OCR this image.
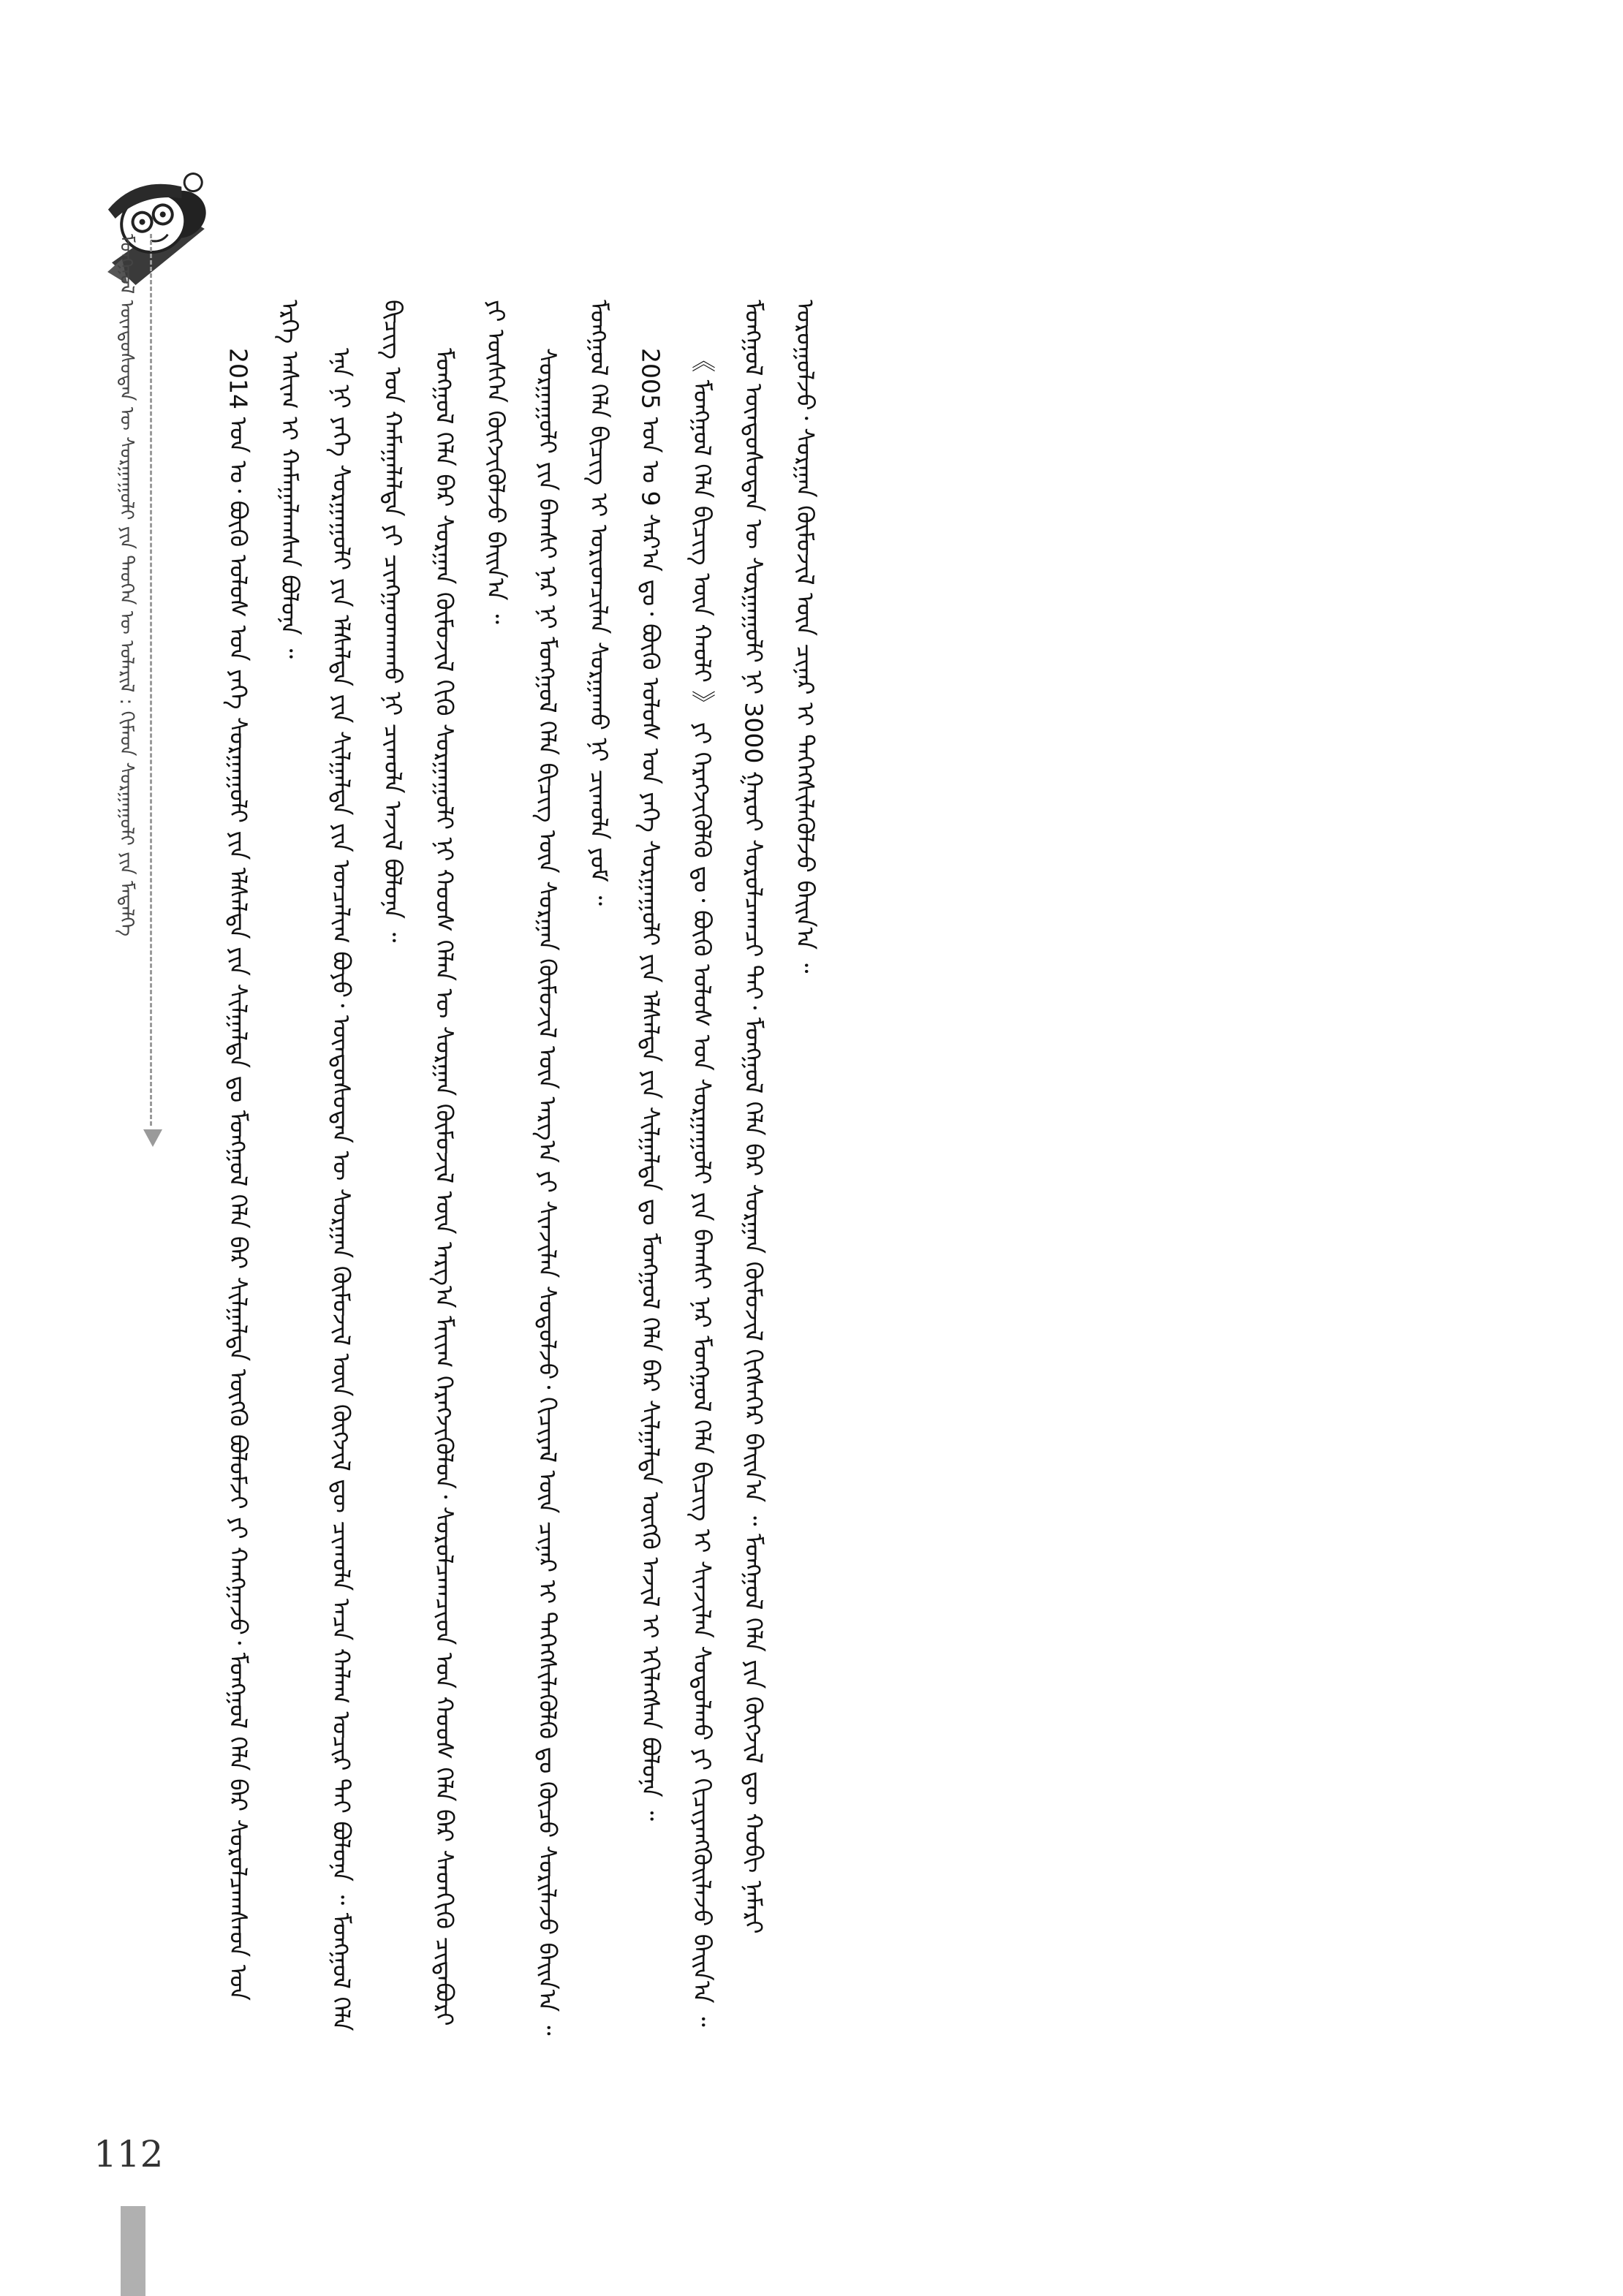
ᠮᠣᠩᠭᠣᠯ ᠦᠨᠳᠦᠰᠦᠲᠡᠨ ᠦ ᠰᠤᠷᠭᠠᠭᠤᠯᠢ ᠶᠢᠨ ᠲᠡᠦᠬᠡᠨ ᠦ ᠤᠯᠠᠷᠢᠯ : ᠬᠢᠮᠠᠳ ᠰᠤᠷᠭᠠᠭᠤᠯᠢ ᠶᠢᠨ ᠮᠡᠳᠡᠯᠭᠡ	2014 ᠣᠨ ᠤ᠂ ᠪᠦᠬᠦ ᠤᠯᠤᠰ ᠤᠨ ᠶᠡᠭᠡ ᠰᠤᠷᠭᠠᠭᠤᠯᠢ ᠶᠢᠨ ᠡᠯᠰᠡᠯᠲᠡ ᠶᠢᠨ ᠰᠢᠯᠭᠠᠯᠲᠠ ᠳᠤ ᠮᠣᠩᠭᠣᠯ ᠬᠡᠯᠡ ᠪᠡᠷ ᠰᠢᠯᠭᠠᠯᠲᠠ ᠥᠭᠬᠦ ᠪᠣᠯᠤᠮᠵᠢ ᠶᠢ ᠬᠠᠩᠭᠠᠵᠤ᠂ ᠮᠣᠩᠭᠣᠯ ᠬᠡᠯᠡ ᠪᠡᠷ ᠰᠤᠷᠤᠯᠴᠠᠭᠰᠠᠳ ᠤᠨ ᠡᠷᠬᠡ ᠠᠰᠢᠭ ᠢ ᠬᠠᠮᠠᠭᠠᠯᠠᠭᠰᠠᠨ ᠪᠣᠯᠤᠨᠠ ᠃ ᠡᠨᠡ ᠨᠢ ᠶᠡᠭᠡ ᠰᠤᠷᠭᠠᠭᠤᠯᠢ ᠶᠢᠨ ᠡᠯᠰᠡᠯᠲᠡ ᠶᠢᠨ ᠰᠢᠯᠭᠠᠯᠲᠠ ᠶᠢᠨ ᠣᠨᠴᠠᠯᠢᠭ ᠪᠤᠶᠤ᠂ ᠦᠨᠳᠦᠰᠦᠲᠡᠨ ᠦ ᠰᠤᠷᠭᠠᠨ ᠬᠦᠮᠦᠵᠢᠯ ᠦᠨ ᠬᠥᠭᠵᠢᠯ ᠳᠦ ᠴᠢᠬᠤᠯᠠ ᠠᠴᠠ ᠬᠠᠯᠠᠭ ᠤᠴᠢᠷ ᠲᠠᠢ ᠪᠣᠯᠤᠨᠠ ᠃ ᠮᠣᠩᠭᠣᠯ ᠬᠡᠯᠡ ᠪᠢᠴᠢᠭ ᠤᠨ ᠬᠠᠮᠠᠭᠠᠯᠠᠯᠲᠠ ᠶᠢ ᠴᠢᠩᠭᠠᠳᠬᠠᠬᠤ ᠨᠢ ᠴᠢᠬᠤᠯᠠ ᠠᠵᠢᠯ ᠪᠣᠯᠤᠨᠠ ᠃ ᠮᠣᠩᠭᠣᠯ ᠬᠡᠯᠡ ᠪᠡᠷ ᠰᠤᠷᠭᠠᠨ ᠬᠦᠮᠦᠵᠢᠯ ᠬᠢᠬᠦ ᠰᠤᠷᠭᠠᠭᠤᠯᠢ ᠨᠢ ᠬᠣᠣᠰ ᠬᠡᠯᠡᠨ ᠦ ᠰᠤᠷᠭᠠᠨ ᠬᠦᠮᠦᠵᠢᠯ ᠦᠨ ᠠᠷᠭ᠎ᠠ ᠮᠠᠶ᠋ᠢᠭ ᠬᠡᠷᠡᠭᠵᠢᠭᠦᠯᠦᠨ᠂ ᠰᠤᠷᠤᠯᠴᠠᠭᠴᠢᠳ ᠤᠨ ᠬᠣᠣᠰ ᠬᠡᠯᠡ ᠪᠡᠷ ᠰᠡᠳᠬᠢᠬᠦ ᠴᠢᠳᠠᠪᠤᠷᠢ ᠶᠢ ᠥᠰᠬᠡᠨ ᠬᠥᠭᠵᠢᠭᠦᠯᠵᠦ ᠪᠠᠢᠨ᠎ᠠ ᠃ ᠰᠤᠷᠭᠠᠭᠤᠯᠢ ᠶᠢᠨ ᠪᠠᠭᠰᠢ ᠨᠠᠷ ᠨᠢ ᠮᠣᠩᠭᠣᠯ ᠬᠡᠯᠡ ᠪᠢᠴᠢᠭ ᠦᠨ ᠰᠤᠷᠭᠠᠨ ᠬᠦᠮᠦᠵᠢᠯ ᠦᠨ ᠠᠷᠭ᠎ᠠ ᠶᠢ ᠰᠢᠨᠵᠢᠯᠡᠨ ᠰᠤᠳᠤᠯᠵᠤ᠂ ᠬᠢᠴᠢᠶᠡᠯ ᠦᠨ ᠴᠢᠨᠠᠷ ᠢ ᠳᠡᠭᠡᠭᠰᠢᠯᠡᠭᠦᠯᠬᠦ ᠳᠤ ᠬᠦᠴᠦ ᠰᠣᠷᠢᠯᠠᠵᠤ ᠪᠠᠢᠨ᠎ᠠ ᠃ ᠮᠣᠩᠭᠣᠯ ᠬᠡᠯᠡ ᠪᠢᠴᠢᠭ ᠢ ᠤᠷᠢᠳᠴᠢᠯᠠᠨ ᠰᠤᠷᠭᠠᠬᠤ ᠨᠢ ᠴᠢᠬᠤᠯᠠ ᠶᠤᠮ ᠃ 2005 ᠣᠨ ᠤ 9 ᠰᠠᠷ᠎ᠠ ᠳᠤ᠂ ᠪᠦᠬᠦ ᠤᠯᠤᠰ ᠤᠨ ᠶᠡᠭᠡ ᠰᠤᠷᠭᠠᠭᠤᠯᠢ ᠶᠢᠨ ᠡᠯᠰᠡᠯᠲᠡ ᠶᠢᠨ ᠰᠢᠯᠭᠠᠯᠲᠠ ᠳᠤ ᠮᠣᠩᠭᠣᠯ ᠬᠡᠯᠡ ᠪᠡᠷ ᠰᠢᠯᠭᠠᠯᠲᠠ ᠥᠭᠬᠦ ᠠᠵᠢᠯ ᠢ ᠡᠬᠢᠯᠡᠭᠰᠡᠨ ᠪᠣᠯᠤᠨᠠ ᠃ 《 ᠮᠣᠩᠭᠣᠯ ᠬᠡᠯᠡ ᠪᠢᠴᠢᠭ ᠦᠨ ᠬᠠᠤᠯᠢ 》 ᠶᠢ ᠬᠡᠷᠡᠭᠵᠢᠭᠦᠯᠬᠦ ᠳᠤ᠂ ᠪᠦᠬᠦ ᠤᠯᠤᠰ ᠤᠨ ᠰᠤᠷᠭᠠᠭᠤᠯᠢ ᠶᠢᠨ ᠪᠠᠭᠰᠢ ᠨᠠᠷ ᠮᠣᠩᠭᠣᠯ ᠬᠡᠯᠡ ᠪᠢᠴᠢᠭ ᠢ ᠰᠢᠨᠵᠢᠯᠡᠨ ᠰᠤᠳᠤᠯᠬᠤ ᠶᠢ ᠬᠢᠴᠢᠶᠡᠩᠭᠦᠢᠯᠡᠵᠦ ᠪᠠᠢᠨ᠎ᠠ ᠃ ᠮᠣᠩᠭᠣᠯ ᠦᠨᠳᠦᠰᠦᠲᠡᠨ ᠦ ᠰᠤᠷᠭᠠᠭᠤᠯᠢ ᠨᠢ 3000 ᠭᠠᠷᠤᠢ ᠰᠤᠷᠤᠯᠴᠠᠭᠴᠢ ᠲᠠᠢ᠂ ᠮᠣᠩᠭᠣᠯ ᠬᠡᠯᠡ ᠪᠡᠷ ᠰᠤᠷᠭᠠᠨ ᠬᠦᠮᠦᠵᠢᠯ ᠬᠢᠭᠰᠡᠭᠡᠷ ᠪᠠᠢᠨ᠎ᠠ ᠃ ᠮᠣᠩᠭᠣᠯ ᠬᠡᠯᠡ ᠶᠢᠨ ᠬᠥᠭᠵᠢᠯ ᠳᠦ ᠬᠤᠪᠢ ᠨᠡᠮᠡᠷᠢ ᠣᠷᠣᠭᠤᠯᠵᠤ᠂ ᠰᠤᠷᠭᠠᠨ ᠬᠦᠮᠦᠵᠢᠯ ᠦᠨ ᠴᠢᠨᠠᠷ ᠢ ᠳᠡᠭᠡᠭᠰᠢᠯᠡᠭᠦᠯᠵᠦ ᠪᠠᠢᠨ᠎ᠠ ᠃

112
